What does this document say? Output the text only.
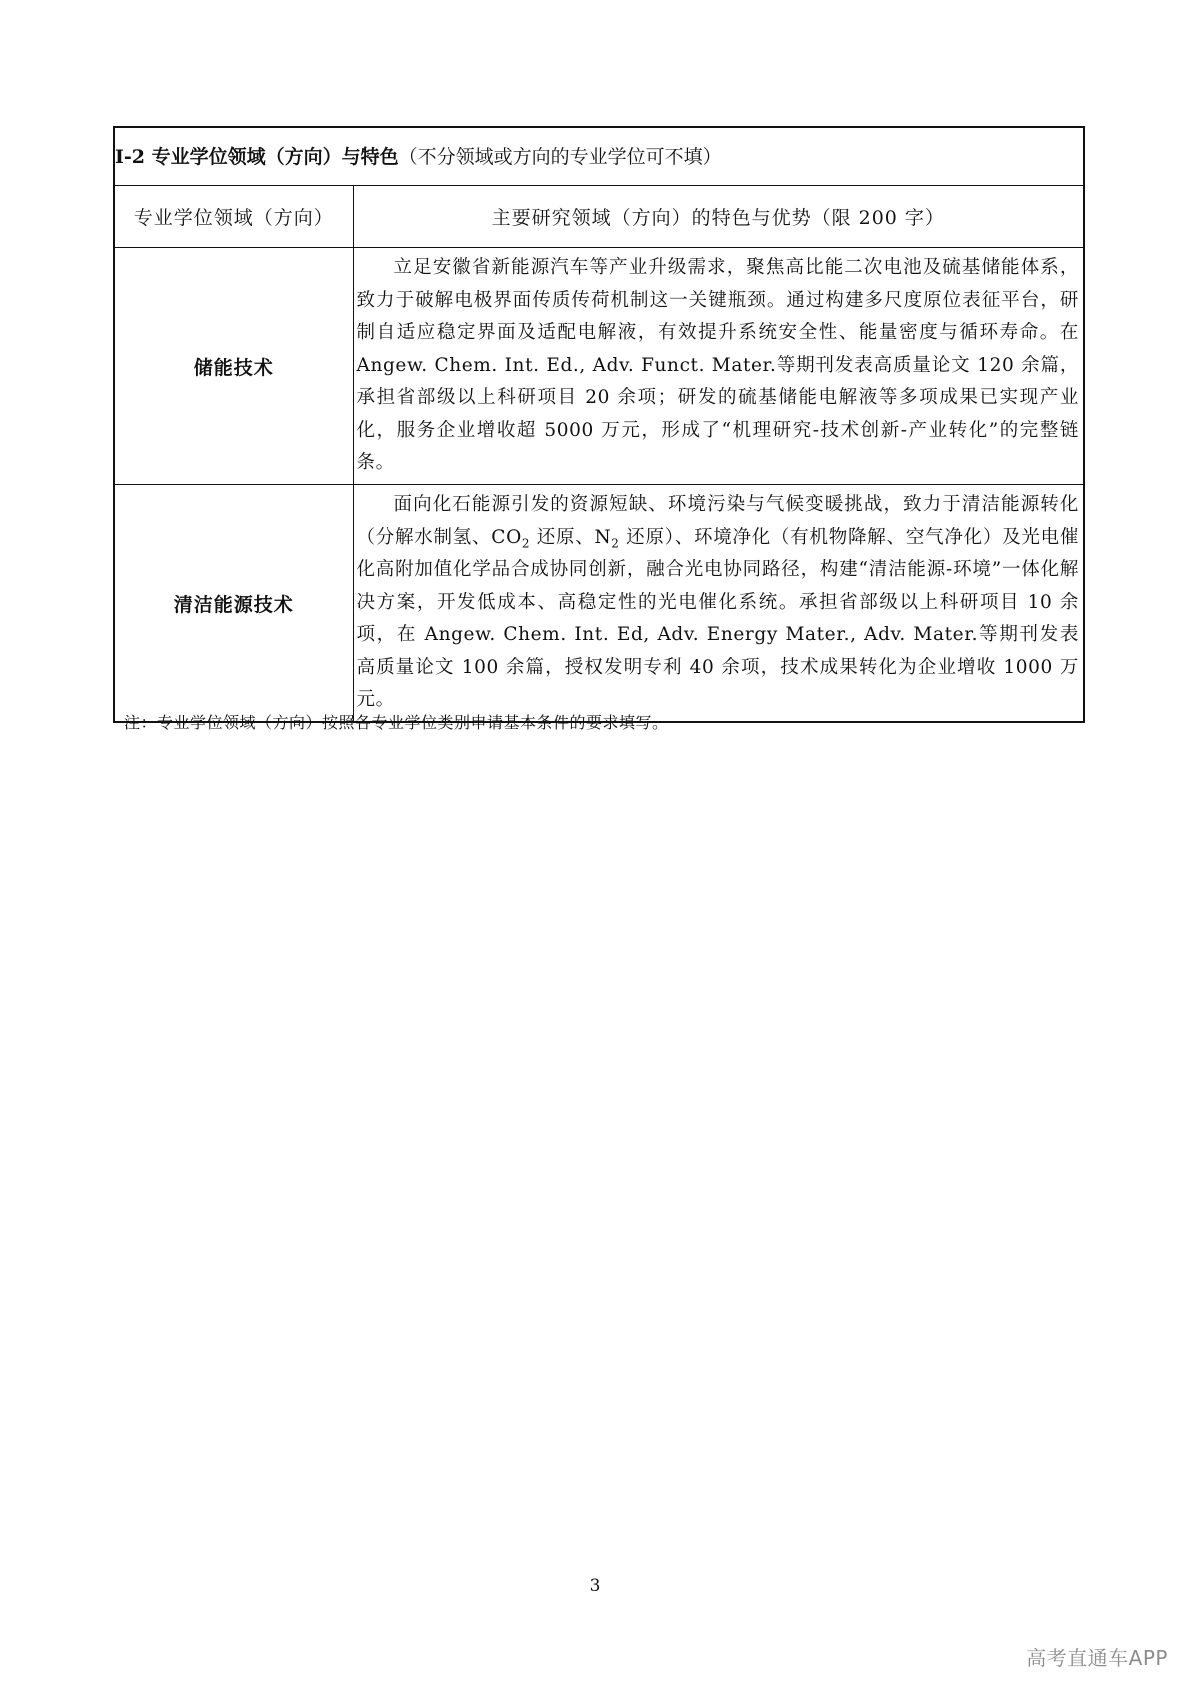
I-2 专业学位领域（方向）与特色（不分领域或方向的专业学位可不填）	
专业学位领域（方向）	主要研究领域（方向）的特色与优势（限 200 字）
储能技术	立足安徽省新能源汽车等产业升级需求，聚焦高比能二次电池及硫基储能体系，致力于破解电极界面传质传荷机制这一关键瓶颈。通过构建多尺度原位表征平台，研制自适应稳定界面及适配电解液，有效提升系统安全性、能量密度与循环寿命。在 Angew. Chem. Int. Ed., Adv. Funct. Mater.等期刊发表高质量论文 120 余篇，承担省部级以上科研项目 20 余项；研发的硫基储能电解液等多项成果已实现产业化，服务企业增收超 5000 万元，形成了“机理研究-技术创新-产业转化”的完整链条。
清洁能源技术	面向化石能源引发的资源短缺、环境污染与气候变暖挑战，致力于清洁能源转化（分解水制氢、$CO_2$ 还原、$N_2$ 还原）、环境净化（有机物降解、空气净化）及光电催化高附加值化学品合成协同创新，融合光电协同路径，构建“清洁能源-环境”一体化解决方案，开发低成本、高稳定性的光电催化系统。承担省部级以上科研项目 10 余项，在 Angew. Chem. Int. Ed, Adv. Energy Mater., Adv. Mater.等期刊发表高质量论文 100 余篇，授权发明专利 40 余项，技术成果转化为企业增收 1000 万元。
注：专业学位领域（方向）按照各专业学位类别申请基本条件的要求填写。
3
高考直通车APP
